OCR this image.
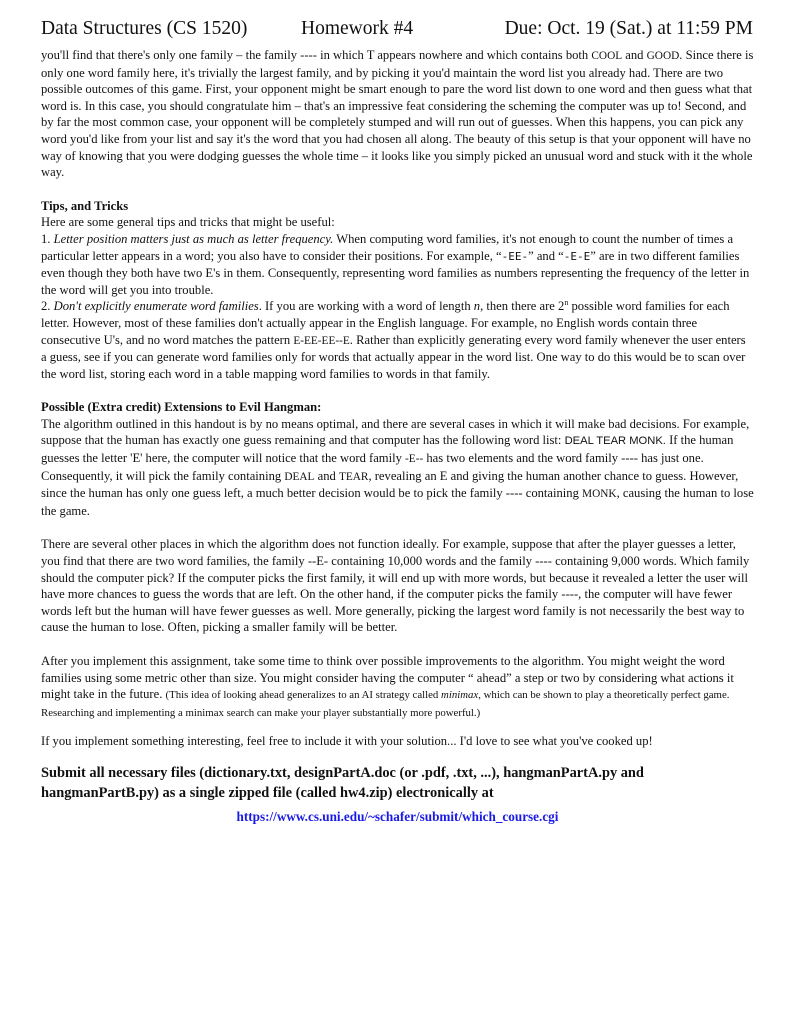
Data Structures (CS 1520)	Homework #4	Due: Oct. 19 (Sat.) at 11:59 PM

you'll find that there's only one family – the family ---- in which T appears nowhere and which contains both COOL and GOOD. Since there is only one word family here, it's trivially the largest family, and by picking it you'd maintain the word list you already had. There are two possible outcomes of this game. First, your opponent might be smart enough to pare the word list down to one word and then guess what that word is. In this case, you should congratulate him – that's an impressive feat considering the scheming the computer was up to! Second, and by far the most common case, your opponent will be completely stumped and will run out of guesses. When this happens, you can pick any word you'd like from your list and say it's the word that you had chosen all along. The beauty of this setup is that your opponent will have no way of knowing that you were dodging guesses the whole time – it looks like you simply picked an unusual word and stuck with it the whole way.

Tips, and Tricks

Here are some general tips and tricks that might be useful:

1. Letter position matters just as much as letter frequency. When computing word families, it's not enough to count the number of times a particular letter appears in a word; you also have to consider their positions. For example, “-EE-” and “-E-E” are in two different families even though they both have two E's in them. Consequently, representing word families as numbers representing the frequency of the letter in the word will get you into trouble.

2. Don't explicitly enumerate word families. If you are working with a word of length n, then there are 2$^n$ possible word families for each letter. However, most of these families don't actually appear in the English language. For example, no English words contain three consecutive U's, and no word matches the pattern E-EE-EE--E. Rather than explicitly generating every word family whenever the user enters a guess, see if you can generate word families only for words that actually appear in the word list. One way to do this would be to scan over the word list, storing each word in a table mapping word families to words in that family.

Possible (Extra credit) Extensions to Evil Hangman:

The algorithm outlined in this handout is by no means optimal, and there are several cases in which it will make bad decisions. For example, suppose that the human has exactly one guess remaining and that computer has the following word list: DEAL TEAR MONK. If the human guesses the letter 'E' here, the computer will notice that the word family -E-- has two elements and the word family ---- has just one. Consequently, it will pick the family containing DEAL and TEAR, revealing an E and giving the human another chance to guess. However, since the human has only one guess left, a much better decision would be to pick the family ---- containing MONK, causing the human to lose the game.

There are several other places in which the algorithm does not function ideally. For example, suppose that after the player guesses a letter, you find that there are two word families, the family --E- containing 10,000 words and the family ---- containing 9,000 words. Which family should the computer pick? If the computer picks the first family, it will end up with more words, but because it revealed a letter the user will have more chances to guess the words that are left. On the other hand, if the computer picks the family ----, the computer will have fewer words left but the human will have fewer guesses as well. More generally, picking the largest word family is not necessarily the best way to cause the human to lose. Often, picking a smaller family will be better.

After you implement this assignment, take some time to think over possible improvements to the algorithm. You might weight the word families using some metric other than size. You might consider having the computer “ ahead” a step or two by considering what actions it might take in the future. (This idea of looking ahead generalizes to an AI strategy called minimax, which can be shown to play a theoretically perfect game. Researching and implementing a minimax search can make your player substantially more powerful.)

If you implement something interesting, feel free to include it with your solution... I'd love to see what you've cooked up!

Submit all necessary files (dictionary.txt, designPartA.doc (or .pdf, .txt, ...), hangmanPartA.py and hangmanPartB.py) as a single zipped file (called hw4.zip) electronically at

https://www.cs.uni.edu/~schafer/submit/which_course.cgi
